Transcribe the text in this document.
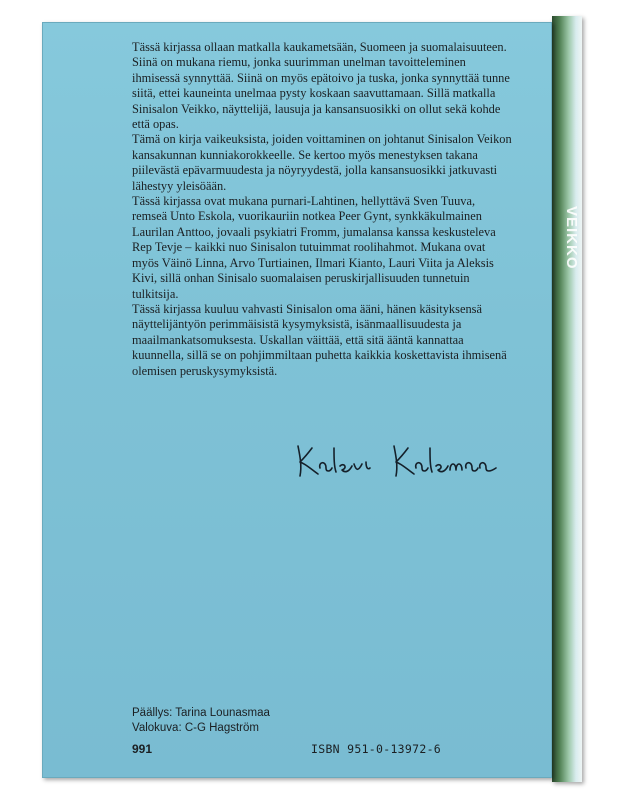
VEIKKO

Tässä kirjassa ollaan matkalla kaukametsään, Suomeen ja suomalaisuuteen. Siinä on mukana riemu, jonka suurimman unelman tavoitteleminen ihmisessä synnyttää. Siinä on myös epätoivo ja tuska, jonka synnyttää tunne siitä, ettei kauneinta unelmaa pysty koskaan saavuttamaan. Sillä matkalla Sinisalon Veikko, näyttelijä, lausuja ja kansansuosikki on ollut sekä kohde että opas.

Tämä on kirja vaikeuksista, joiden voittaminen on johtanut Sinisalon Veikon kansakunnan kunniakorokkeelle. Se kertoo myös menestyksen takana piilevästä epävarmuudesta ja nöyryydestä, jolla kansansuosikki jatkuvasti lähestyy yleisöään.

Tässä kirjassa ovat mukana purnari-Lahtinen, hellyttävä Sven Tuuva, remseä Unto Eskola, vuorikauriin notkea Peer Gynt, synkkäkulmainen Laurilan Anttoo, jovaali psykiatri Fromm, jumalansa kanssa keskusteleva Rep Tevje – kaikki nuo Sinisalon tutuimmat roolihahmot. Mukana ovat myös Väinö Linna, Arvo Turtiainen, Ilmari Kianto, Lauri Viita ja Aleksis Kivi, sillä onhan Sinisalo suomalaisen peruskirjallisuuden tunnetuin tulkitsija.

Tässä kirjassa kuuluu vahvasti Sinisalon oma ääni, hänen käsityksensä näyttelijäntyön perimmäisistä kysymyksistä, isänmaallisuudesta ja maailmankatsomuksesta. Uskallan väittää, että sitä ääntä kannattaa kuunnella, sillä se on pohjimmiltaan puhetta kaikkia koskettavista ihmisenä olemisen peruskysymyksistä.

Päällys: Tarina Lounasmaa
Valokuva: C-G Hagström
991	ISBN 951-0-13972-6
